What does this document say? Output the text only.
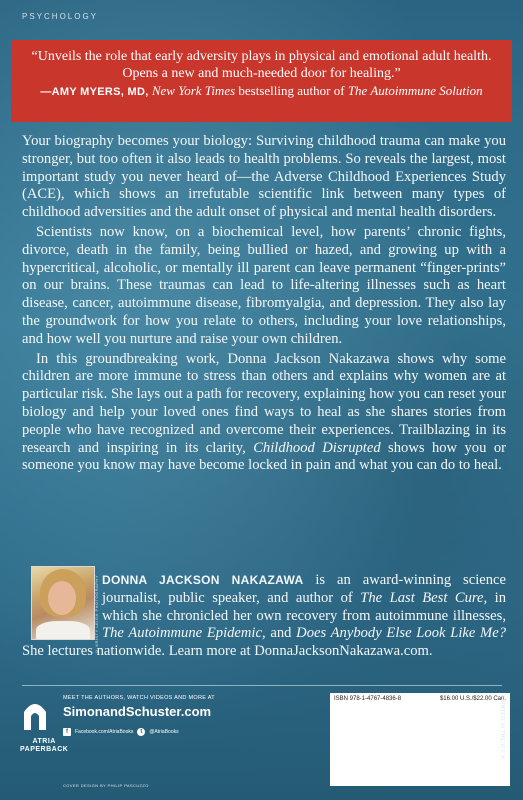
PSYCHOLOGY

“Unveils the role that early adversity plays in physical and emotional adult health. Opens a new and much-needed door for healing.”

—AMY MYERS, MD, New York Times bestselling author of The Autoimmune Solution

Your biography becomes your biology: Surviving childhood trauma can make you stronger, but too often it also leads to health problems. So reveals the largest, most important study you never heard of—the Adverse Childhood Experiences Study (ACE), which shows an irrefutable scientific link between many types of childhood adversities and the adult onset of physical and mental health disorders.

Scientists now know, on a biochemical level, how parents’ chronic fights, divorce, death in the family, being bullied or hazed, and growing up with a hypercritical, alcoholic, or mentally ill parent can leave permanent “finger-prints” on our brains. These traumas can lead to life-altering illnesses such as heart disease, cancer, autoimmune disease, fibromyalgia, and depression. They also lay the groundwork for how you relate to others, including your love relationships, and how well you nurture and raise your own children.

In this groundbreaking work, Donna Jackson Nakazawa shows why some children are more immune to stress than others and explains why women are at particular risk. She lays out a path for recovery, explaining how you can reset your biology and help your loved ones find ways to heal as she shares stories from people who have recognized and overcome their experiences. Trailblazing in its research and inspiring in its clarity, Childhood Disrupted shows how you or someone you know may have become locked in pain and what you can do to heal.

© KRISTY LEIGH PHOTOGRAPHY DONNA JACKSON NAKAZAWA is an award-winning science journalist, public speaker, and author of The Last Best Cure, in which she chronicled her own recovery from autoimmune illnesses, The Autoimmune Epidemic, and Does Anybody Else Look Like Me? She lectures nationwide. Learn more at DonnaJacksonNakazawa.com.
ATRIA
PAPERBACK
MEET THE AUTHORS, WATCH VIDEOS AND MORE AT
SimonandSchuster.com
f	Facebook.com/AtriaBooks	t	@AtriaBooks
COVER DESIGN BY PHILIP PASCUZZO
ISBN 978-1-4767-4836-8	$16.00 U.S./$22.00 Can.
PRINTED IN THE U.S.A.
